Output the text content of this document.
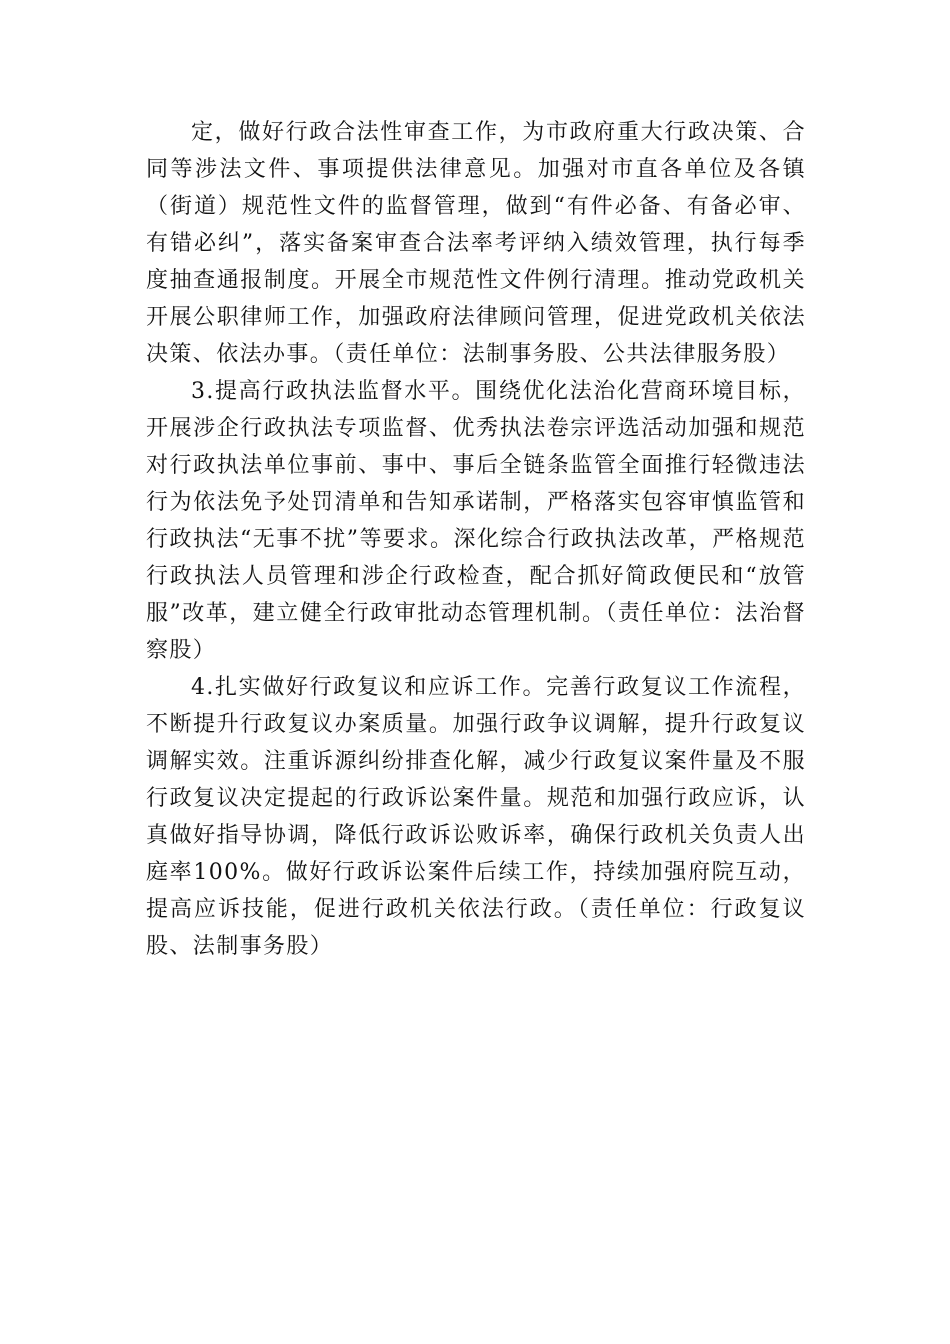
定，做好行政合法性审查工作，为市政府重大行政决策、合同等涉法文件、事项提供法律意见。加强对市直各单位及各镇（街道）规范性文件的监督管理，做到“有件必备、有备必审、有错必纠”，落实备案审查合法率考评纳入绩效管理，执行每季度抽查通报制度。开展全市规范性文件例行清理。推动党政机关开展公职律师工作，加强政府法律顾问管理，促进党政机关依法决策、依法办事。（责任单位：法制事务股、公共法律服务股）

3.提高行政执法监督水平。围绕优化法治化营商环境目标，开展涉企行政执法专项监督、优秀执法卷宗评选活动加强和规范对行政执法单位事前、事中、事后全链条监管全面推行轻微违法行为依法免予处罚清单和告知承诺制，严格落实包容审慎监管和行政执法“无事不扰”等要求。深化综合行政执法改革，严格规范行政执法人员管理和涉企行政检查，配合抓好简政便民和“放管服”改革，建立健全行政审批动态管理机制。（责任单位：法治督察股）

4.扎实做好行政复议和应诉工作。完善行政复议工作流程，不断提升行政复议办案质量。加强行政争议调解，提升行政复议调解实效。注重诉源纠纷排查化解，减少行政复议案件量及不服行政复议决定提起的行政诉讼案件量。规范和加强行政应诉，认真做好指导协调，降低行政诉讼败诉率，确保行政机关负责人出庭率100%。做好行政诉讼案件后续工作，持续加强府院互动，提高应诉技能，促进行政机关依法行政。（责任单位：行政复议股、法制事务股）
